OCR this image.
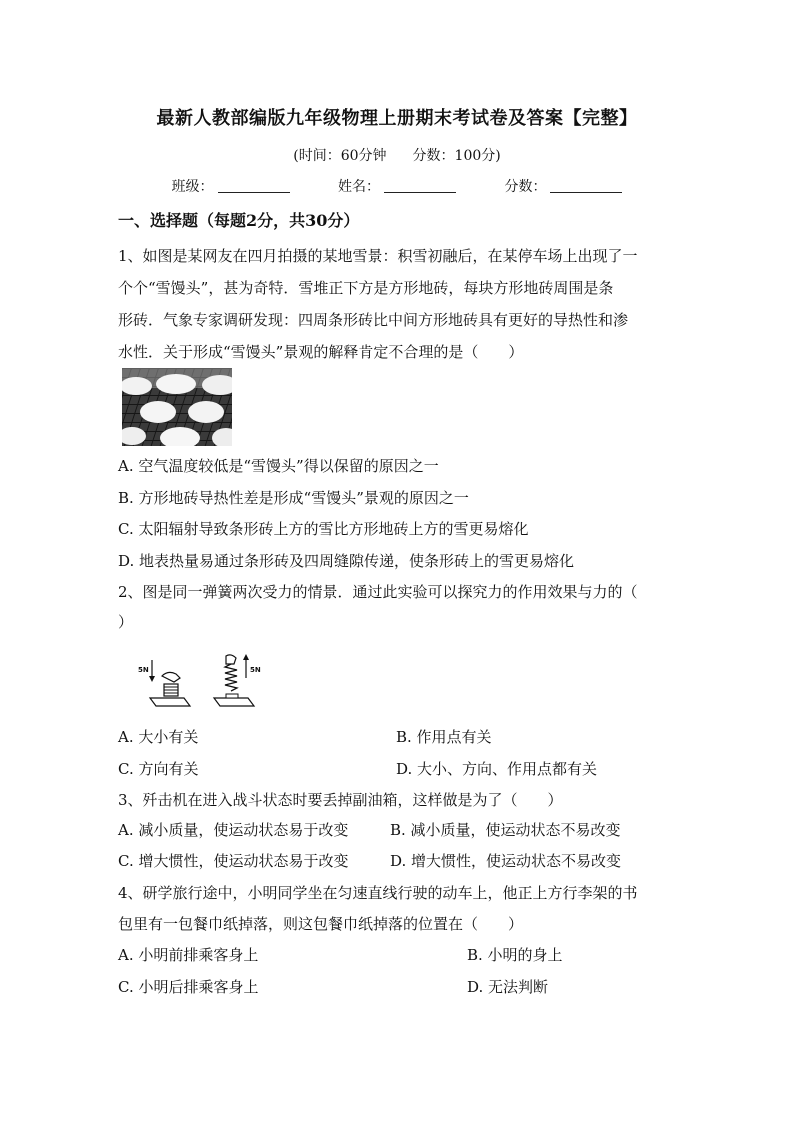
最新人教部编版九年级物理上册期末考试卷及答案【完整】
(时间：60分钟 分数：100分)
班级：	姓名：	分数：
一、选择题（每题2分，共30分）
1、如图是某网友在四月拍摄的某地雪景：积雪初融后，在某停车场上出现了一
个个“雪馒头”，甚为奇特．雪堆正下方是方形地砖，每块方形地砖周围是条
形砖．气象专家调研发现：四周条形砖比中间方形地砖具有更好的导热性和渗
水性．关于形成“雪馒头”景观的解释肯定不合理的是（　　）
A. 空气温度较低是“雪馒头”得以保留的原因之一
B. 方形地砖导热性差是形成“雪馒头”景观的原因之一
C. 太阳辐射导致条形砖上方的雪比方形地砖上方的雪更易熔化
D. 地表热量易通过条形砖及四周缝隙传递，使条形砖上的雪更易熔化
2、图是同一弹簧两次受力的情景．通过此实验可以探究力的作用效果与力的（
）
5N	5N
A. 大小有关	B. 作用点有关
C. 方向有关	D. 大小、方向、作用点都有关
3、歼击机在进入战斗状态时要丢掉副油箱，这样做是为了（　　）
A. 减小质量，使运动状态易于改变	B. 减小质量，使运动状态不易改变
C. 增大惯性，使运动状态易于改变	D. 增大惯性，使运动状态不易改变
4、研学旅行途中，小明同学坐在匀速直线行驶的动车上，他正上方行李架的书
包里有一包餐巾纸掉落，则这包餐巾纸掉落的位置在（　　）
A. 小明前排乘客身上	B. 小明的身上
C. 小明后排乘客身上	D. 无法判断
